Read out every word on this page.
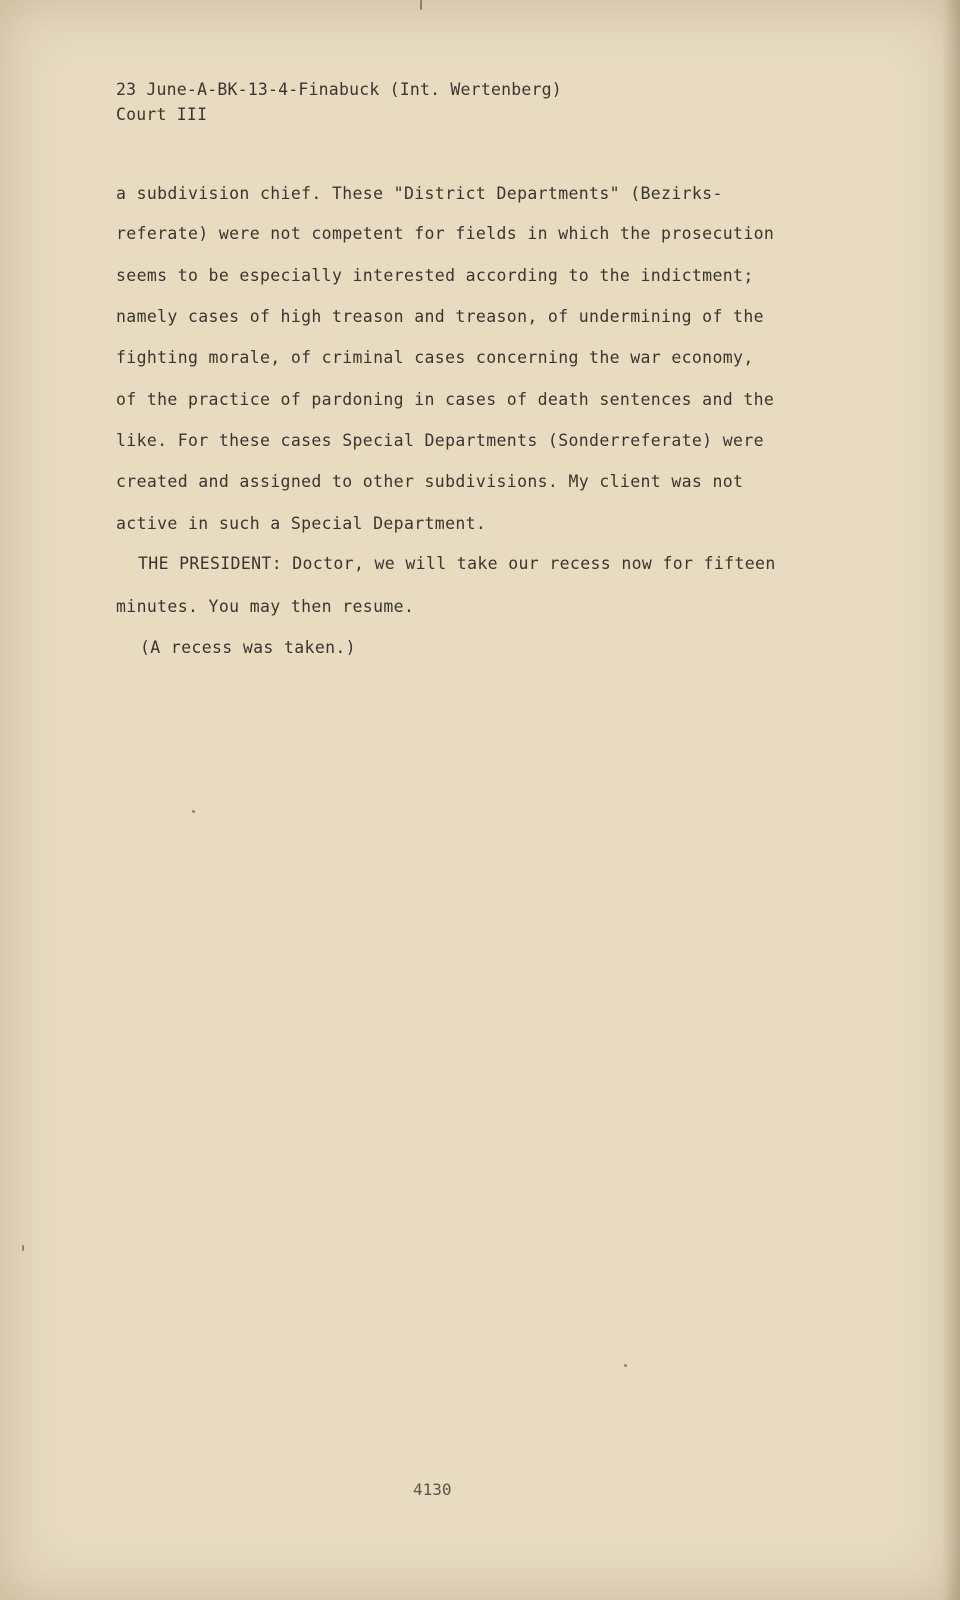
23 June-A-BK-13-4-Finabuck (Int. Wertenberg)
Court III
a subdivision chief. These "District Departments" (Bezirks-
referate) were not competent for fields in which the prosecution
seems to be especially interested according to the indictment;
namely cases of high treason and treason, of undermining of the
fighting morale, of criminal cases concerning the war economy,
of the practice of pardoning in cases of death sentences and the
like. For these cases Special Departments (Sonderreferate) were
created and assigned to other subdivisions. My client was not
active in such a Special Department.
THE PRESIDENT: Doctor, we will take our recess now for fifteen
minutes. You may then resume.
(A recess was taken.)
4130
